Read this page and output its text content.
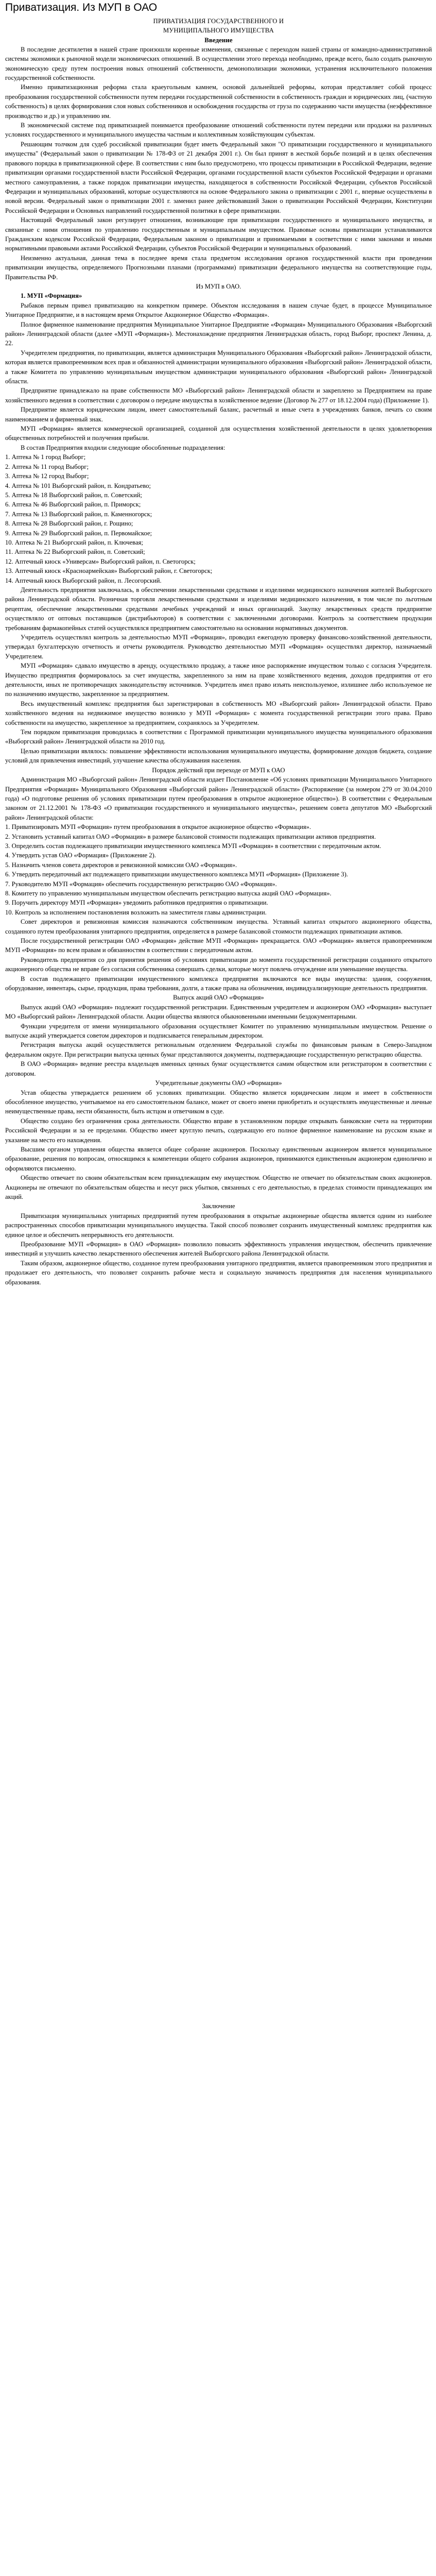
Приватизация. Из МУП в ОАО
ПРИВАТИЗАЦИЯ ГОСУДАРСТВЕННОГО И
МУНИЦИПАЛЬНОГО ИМУЩЕСТВА
Введение

В последние десятилетия в нашей стране произошли коренные изменения, связанные с переходом нашей страны от командно-административной системы экономики к рыночной модели экономических отношений. В осуществлении этого перехода необходимо, прежде всего, было создать рыночную экономическую среду путем построения новых отношений собственности, демонополизации экономики, устранения исключительного положения государственной собственности.

Именно приватизационная реформа стала краеугольным камнем, основой дальнейшей реформы, которая представляет собой процесс преобразования государственной собственности путем передачи государственной собственности в собственность граждан и юридических лиц, (частную собственность) в целях формирования слоя новых собственников и освобождения государства от груза по содержанию части имущества (неэффективное производство и др.) и управлению им.

В экономической системе под приватизацией понимается преобразование отношений собственности путем передачи или продажи на различных условиях государственного и муниципального имущества частным и коллективным хозяйствующим субъектам.

Решающим толчком для судеб российской приватизации будет иметь Федеральный закон "О приватизации государственного и муниципального имущества" (Федеральный закон о приватизации № 178-ФЗ от 21 декабря 2001 г.). Он был принят в жесткой борьбе позиций и в целях обеспечения правового порядка в приватизационной сфере. В соответствии с ним было предусмотрено, что процессы приватизации в Российской Федерации, ведение приватизации органами государственной власти Российской Федерации, органами государственной власти субъектов Российской Федерации и органами местного самоуправления, а также порядок приватизации имущества, находящегося в собственности Российской Федерации, субъектов Российской Федерации и муниципальных образований, которые осуществляются на основе Федерального закона о приватизации с 2001 г., впервые осуществлены в новой версии. Федеральный закон о приватизации 2001 г. заменил ранее действовавший Закон о приватизации Российской Федерации, Конституции Российской Федерации и Основных направлений государственной политики в сфере приватизации.

Настоящий Федеральный закон регулирует отношения, возникающие при приватизации государственного и муниципального имущества, и связанные с ними отношения по управлению государственным и муниципальным имуществом. Правовые основы приватизации устанавливаются Гражданским кодексом Российской Федерации, Федеральным законом о приватизации и принимаемыми в соответствии с ними законами и иными нормативными правовыми актами Российской Федерации, субъектов Российской Федерации и муниципальных образований.

Неизменно актуальная, данная тема в последнее время стала предметом исследования органов государственной власти при проведении приватизации имущества, определяемого Прогнозными планами (программами) приватизации федерального имущества на соответствующие годы, Правительства РФ.

Из МУП в ОАО.
1. МУП «Формация»

Рыбаков первым привел приватизацию на конкретном примере. Объектом исследования в нашем случае будет, в процессе Муниципальное Унитарное Предприятие, и в настоящем время Открытое Акционерное Общество «Формация».

Полное фирменное наименование предприятия Муниципальное Унитарное Предприятие «Формация» Муниципального Образования «Выборгский район» Ленинградской области (далее «МУП «Формация»). Местонахождение предприятия Ленинградская область, город Выборг, проспект Ленина, д. 22.

Учредителем предприятия, по приватизации, является администрация Муниципального Образования «Выборгский район» Ленинградской области, которая является правопреемником всех прав и обязанностей администрации муниципального образования «Выборгский район» Ленинградской области, а также Комитета по управлению муниципальным имуществом администрации муниципального образования «Выборгский район» Ленинградской области.

Предприятие принадлежало на праве собственности МО «Выборгский район» Ленинградской области и закреплено за Предприятием на праве хозяйственного ведения в соответствии с договором о передаче имущества в хозяйственное ведение (Договор № 277 от 18.12.2004 года) (Приложение 1).

Предприятие является юридическим лицом, имеет самостоятельный баланс, расчетный и иные счета в учреждениях банков, печать со своим наименованием и фирменный знак.

МУП «Формация» является коммерческой организацией, созданной для осуществления хозяйственной деятельности в целях удовлетворения общественных потребностей и получения прибыли.

В состав Предприятия входили следующие обособленные подразделения:

1. Аптека № 1 город Выборг;
2. Аптека № 11 город Выборг;
3. Аптека № 12 город Выборг;
4. Аптека № 101 Выборгский район, п. Кондратьево;
5. Аптека № 18 Выборгский район, п. Советский;
6. Аптека № 46 Выборгский район, п. Приморск;
7. Аптека № 13 Выборгский район, п. Каменногорск;
8. Аптека № 28 Выборгский район, г. Рощино;
9. Аптека № 29 Выборгский район, п. Первомайское;
10. Аптека № 21 Выборгский район, п. Ключевая;
11. Аптека № 22 Выборгский район, п. Советский;
12. Аптечный киоск «Универсам» Выборгский район, п. Светогорск;
13. Аптечный киоск «Красноармейская» Выборгский район, г. Светогорск;
14. Аптечный киоск Выборгский район, п. Лесогорский.

Деятельность предприятия заключалась, в обеспечении лекарственными средствами и изделиями медицинского назначения жителей Выборгского района Ленинградской области. Розничная торговля лекарственными средствами и изделиями медицинского назначения, в том числе по льготным рецептам, обеспечение лекарственными средствами лечебных учреждений и иных организаций. Закупку лекарственных средств предприятие осуществляло от оптовых поставщиков (дистрибьюторов) в соответствии с заключенными договорами. Контроль за соответствием продукции требованиям фармакопейных статей осуществлялся предприятием самостоятельно на основании нормативных документов.

Учредитель осуществлял контроль за деятельностью МУП «Формация», проводил ежегодную проверку финансово-хозяйственной деятельности, утверждал бухгалтерскую отчетность и отчеты руководителя. Руководство деятельностью МУП «Формация» осуществлял директор, назначаемый Учредителем.

МУП «Формация» сдавало имущество в аренду, осуществляло продажу, а также иное распоряжение имуществом только с согласия Учредителя. Имущество предприятия формировалось за счет имущества, закрепленного за ним на праве хозяйственного ведения, доходов предприятия от его деятельности, иных не противоречащих законодательству источников. Учредитель имел право изъять неиспользуемое, излишнее либо используемое не по назначению имущество, закрепленное за предприятием.

Весь имущественный комплекс предприятия был зарегистрирован в собственность МО «Выборгский район» Ленинградской области. Право хозяйственного ведения на недвижимое имущество возникло у МУП «Формация» с момента государственной регистрации этого права. Право собственности на имущество, закрепленное за предприятием, сохранялось за Учредителем.

Тем порядком приватизация проводилась в соответствии с Программой приватизации муниципального имущества муниципального образования «Выборгский район» Ленинградской области на 2010 год.

Целью приватизации являлось: повышение эффективности использования муниципального имущества, формирование доходов бюджета, создание условий для привлечения инвестиций, улучшение качества обслуживания населения.

Порядок действий при переходе от МУП к ОАО

Администрация МО «Выборгский район» Ленинградской области издает Постановление «Об условиях приватизации Муниципального Унитарного Предприятия «Формация» Муниципального Образования «Выборгский район» Ленинградской области» (Распоряжение (за номером 279 от 30.04.2010 года) «О подготовке решения об условиях приватизации путем преобразования в открытое акционерное общество»). В соответствии с Федеральным законом от 21.12.2001 № 178-ФЗ «О приватизации государственного и муниципального имущества», решением совета депутатов МО «Выборгский район» Ленинградской области:

1. Приватизировать МУП «Формация» путем преобразования в открытое акционерное общество «Формация».
2. Установить уставный капитал ОАО «Формация» в размере балансовой стоимости подлежащих приватизации активов предприятия.
3. Определить состав подлежащего приватизации имущественного комплекса МУП «Формация» в соответствии с передаточным актом.
4. Утвердить устав ОАО «Формация» (Приложение 2).
5. Назначить членов совета директоров и ревизионной комиссии ОАО «Формация».
6. Утвердить передаточный акт подлежащего приватизации имущественного комплекса МУП «Формация» (Приложение 3).
7. Руководителю МУП «Формация» обеспечить государственную регистрацию ОАО «Формация».
8. Комитету по управлению муниципальным имуществом обеспечить регистрацию выпуска акций ОАО «Формация».
9. Поручить директору МУП «Формация» уведомить работников предприятия о приватизации.
10. Контроль за исполнением постановления возложить на заместителя главы администрации.

Совет директоров и ревизионная комиссия назначаются собственником имущества. Уставный капитал открытого акционерного общества, созданного путем преобразования унитарного предприятия, определяется в размере балансовой стоимости подлежащих приватизации активов.

После государственной регистрации ОАО «Формация» действие МУП «Формация» прекращается. ОАО «Формация» является правопреемником МУП «Формация» по всем правам и обязанностям в соответствии с передаточным актом.

Руководитель предприятия со дня принятия решения об условиях приватизации до момента государственной регистрации созданного открытого акционерного общества не вправе без согласия собственника совершать сделки, которые могут повлечь отчуждение или уменьшение имущества.

В состав подлежащего приватизации имущественного комплекса предприятия включаются все виды имущества: здания, сооружения, оборудование, инвентарь, сырье, продукция, права требования, долги, а также права на обозначения, индивидуализирующие деятельность предприятия.

Выпуск акций ОАО «Формация»

Выпуск акций ОАО «Формация» подлежит государственной регистрации. Единственным учредителем и акционером ОАО «Формация» выступает МО «Выборгский район» Ленинградской области. Акции общества являются обыкновенными именными бездокументарными.

Функции учредителя от имени муниципального образования осуществляет Комитет по управлению муниципальным имуществом. Решение о выпуске акций утверждается советом директоров и подписывается генеральным директором.

Регистрация выпуска акций осуществляется региональным отделением Федеральной службы по финансовым рынкам в Северо-Западном федеральном округе. При регистрации выпуска ценных бумаг представляются документы, подтверждающие государственную регистрацию общества.

В ОАО «Формация» ведение реестра владельцев именных ценных бумаг осуществляется самим обществом или регистратором в соответствии с договором.

Учредительные документы ОАО «Формация»

Устав общества утверждается решением об условиях приватизации. Общество является юридическим лицом и имеет в собственности обособленное имущество, учитываемое на его самостоятельном балансе, может от своего имени приобретать и осуществлять имущественные и личные неимущественные права, нести обязанности, быть истцом и ответчиком в суде.

Общество создано без ограничения срока деятельности. Общество вправе в установленном порядке открывать банковские счета на территории Российской Федерации и за ее пределами. Общество имеет круглую печать, содержащую его полное фирменное наименование на русском языке и указание на место его нахождения.

Высшим органом управления общества является общее собрание акционеров. Поскольку единственным акционером является муниципальное образование, решения по вопросам, относящимся к компетенции общего собрания акционеров, принимаются единственным акционером единолично и оформляются письменно.

Общество отвечает по своим обязательствам всем принадлежащим ему имуществом. Общество не отвечает по обязательствам своих акционеров. Акционеры не отвечают по обязательствам общества и несут риск убытков, связанных с его деятельностью, в пределах стоимости принадлежащих им акций.

Заключение

Приватизация муниципальных унитарных предприятий путем преобразования в открытые акционерные общества является одним из наиболее распространенных способов приватизации муниципального имущества. Такой способ позволяет сохранить имущественный комплекс предприятия как единое целое и обеспечить непрерывность его деятельности.

Преобразование МУП «Формация» в ОАО «Формация» позволило повысить эффективность управления имуществом, обеспечить привлечение инвестиций и улучшить качество лекарственного обеспечения жителей Выборгского района Ленинградской области.

Таким образом, акционерное общество, созданное путем преобразования унитарного предприятия, является правопреемником этого предприятия и продолжает его деятельность, что позволяет сохранить рабочие места и социальную значимость предприятия для населения муниципального образования.
